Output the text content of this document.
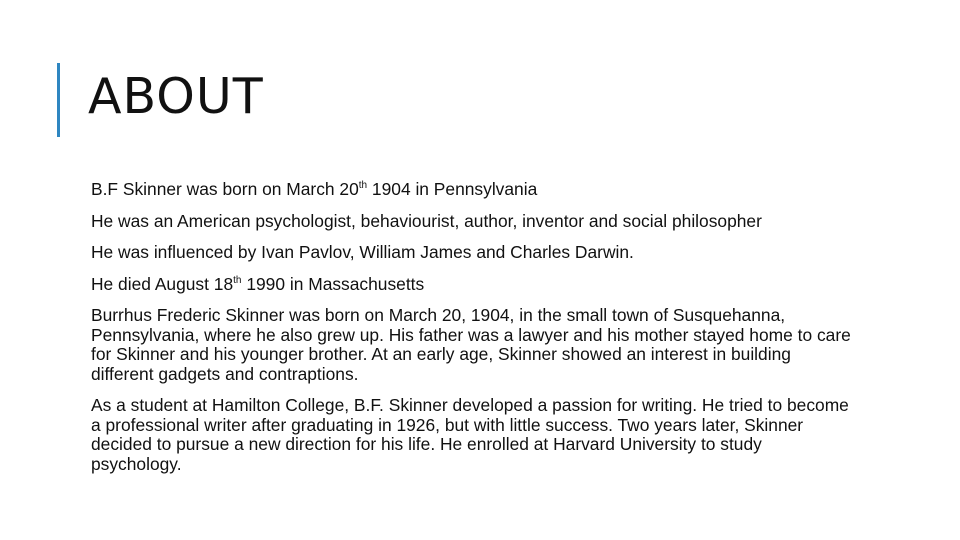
ABOUT

B.F Skinner was born on March 20th 1904 in Pennsylvania

He was an American psychologist, behaviourist, author, inventor and social philosopher

He was influenced by Ivan Pavlov, William James and Charles Darwin.

He died August 18th 1990 in Massachusetts

Burrhus Frederic Skinner was born on March 20, 1904, in the small town of Susquehanna, Pennsylvania, where he also grew up. His father was a lawyer and his mother stayed home to care for Skinner and his younger brother. At an early age, Skinner showed an interest in building different gadgets and contraptions.

As a student at Hamilton College, B.F. Skinner developed a passion for writing. He tried to become a professional writer after graduating in 1926, but with little success. Two years later, Skinner decided to pursue a new direction for his life. He enrolled at Harvard University to study psychology.
